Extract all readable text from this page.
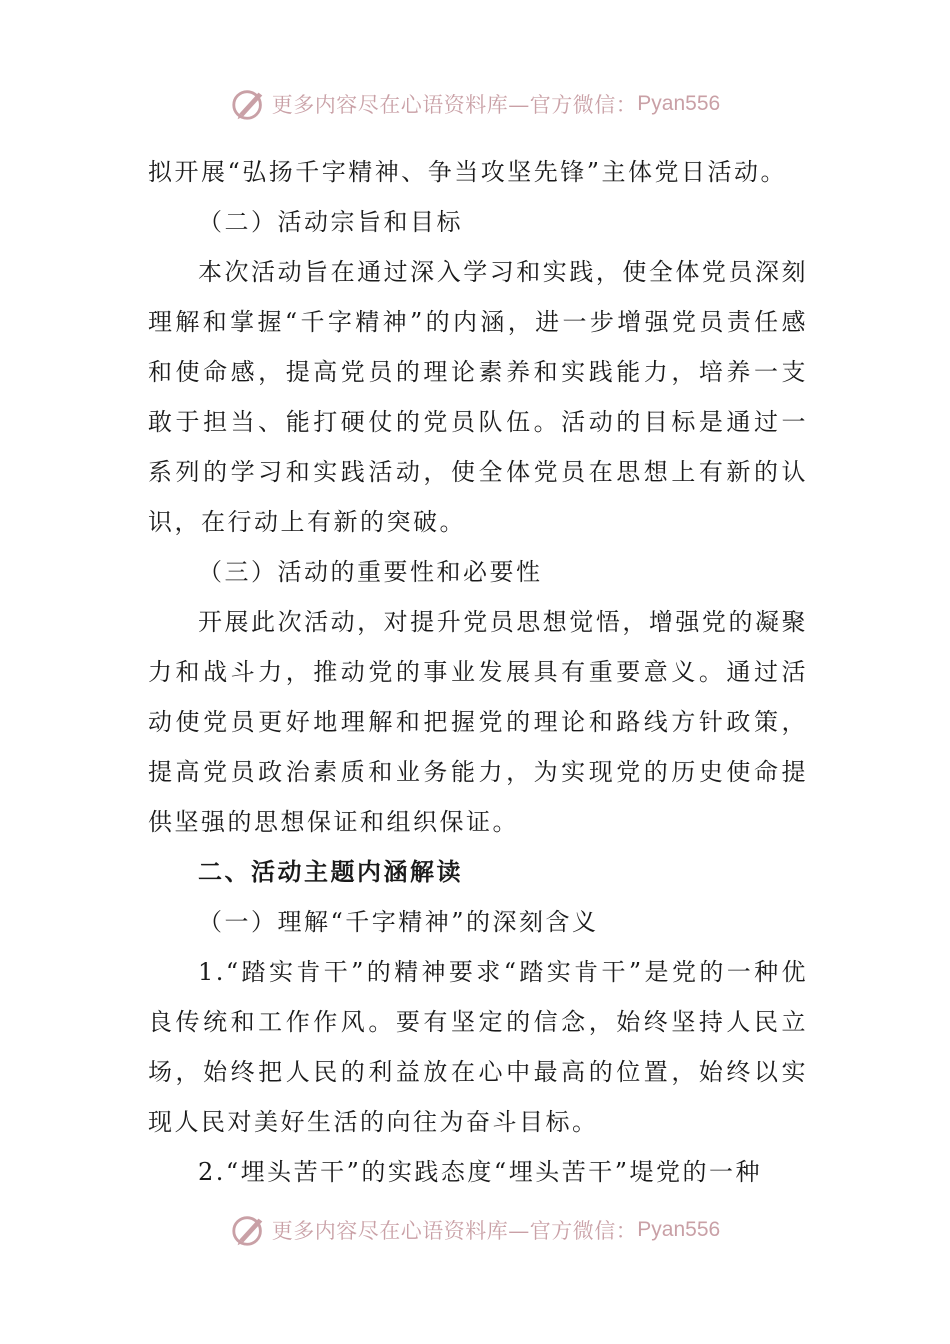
更多内容尽在心语资料库—官方微信： Pyan556

拟开展“弘扬千字精神、争当攻坚先锋”主体党日活动。

（二）活动宗旨和目标

本次活动旨在通过深入学习和实践，使全体党员深刻理解和掌握“千字精神”的内涵，进一步增强党员责任感和使命感，提高党员的理论素养和实践能力，培养一支敢于担当、能打硬仗的党员队伍。活动的目标是通过一系列的学习和实践活动，使全体党员在思想上有新的认识，在行动上有新的突破。

（三）活动的重要性和必要性

开展此次活动，对提升党员思想觉悟，增强党的凝聚力和战斗力，推动党的事业发展具有重要意义。通过活动使党员更好地理解和把握党的理论和路线方针政策，提高党员政治素质和业务能力，为实现党的历史使命提供坚强的思想保证和组织保证。

二、活动主题内涵解读

（一）理解“千字精神”的深刻含义

1.“踏实肯干”的精神要求“踏实肯干”是党的一种优良传统和工作作风。要有坚定的信念，始终坚持人民立场，始终把人民的利益放在心中最高的位置，始终以实现人民对美好生活的向往为奋斗目标。

2.“埋头苦干”的实践态度“埋头苦干”堤党的一种

更多内容尽在心语资料库—官方微信： Pyan556
